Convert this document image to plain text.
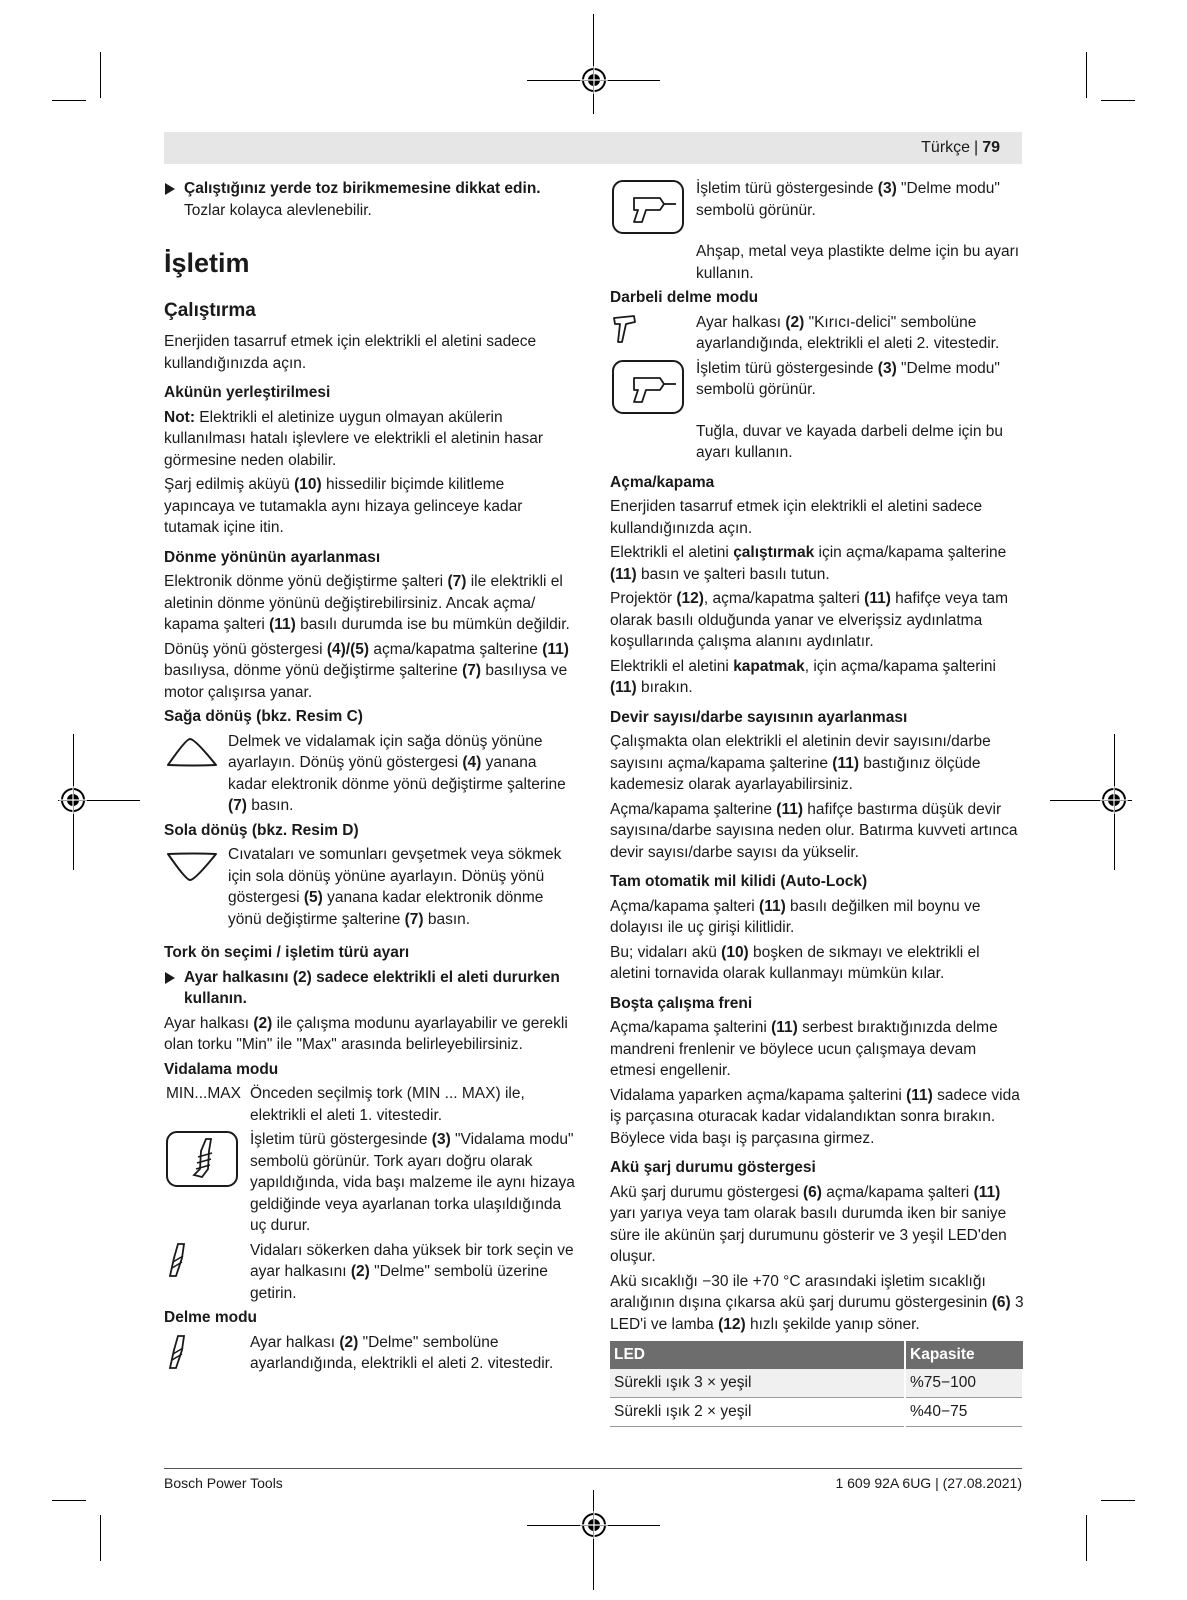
Türkçe | 79
Çalıştığınız yerde toz birikmemesine dikkat edin.
Tozlar kolayca alevlenebilir.
İşletim
Çalıştırma

Enerjiden tasarruf etmek için elektrikli el aletini sadece kullandığınızda açın.

Akünün yerleştirilmesi

Not: Elektrikli el aletinize uygun olmayan akülerin kullanılması hatalı işlevlere ve elektrikli el aletinin hasar görmesine neden olabilir.

Şarj edilmiş aküyü (10) hissedilir biçimde kilitleme yapıncaya ve tutamakla aynı hizaya gelinceye kadar tutamak içine itin.

Dönme yönünün ayarlanması

Elektronik dönme yönü değiştirme şalteri (7) ile elektrikli el aletinin dönme yönünü değiştirebilirsiniz. Ancak açma/ kapama şalteri (11) basılı durumda ise bu mümkün değildir.

Dönüş yönü göstergesi (4)/(5) açma/kapatma şalterine (11) basılıysa, dönme yönü değiştirme şalterine (7) basılıysa ve motor çalışırsa yanar.

Sağa dönüş (bkz. Resim C)
Delmek ve vidalamak için sağa dönüş yönüne ayarlayın. Dönüş yönü göstergesi (4) yanana kadar elektronik dönme yönü değiştirme şalterine (7) basın.
Sola dönüş (bkz. Resim D)
Cıvataları ve somunları gevşetmek veya sökmek için sola dönüş yönüne ayarlayın. Dönüş yönü göstergesi (5) yanana kadar elektronik dönme yönü değiştirme şalterine (7) basın.
Tork ön seçimi / işletim türü ayarı
Ayar halkasını (2) sadece elektrikli el aleti dururken kullanın.

Ayar halkası (2) ile çalışma modunu ayarlayabilir ve gerekli olan torku "Min" ile "Max" arasında belirleyebilirsiniz.

Vidalama modu
MIN...MAX Önceden seçilmiş tork (MIN ... MAX) ile, elektrikli el aleti 1. vitestedir.
İşletim türü göstergesinde (3) "Vidalama modu" sembolü görünür. Tork ayarı doğru olarak yapıldığında, vida başı malzeme ile aynı hizaya geldiğinde veya ayarlanan torka ulaşıldığında uç durur.
Vidaları sökerken daha yüksek bir tork seçin ve ayar halkasını (2) "Delme" sembolü üzerine getirin.
Delme modu
Ayar halkası (2) "Delme" sembolüne ayarlandığında, elektrikli el aleti 2. vitestedir.
İşletim türü göstergesinde (3) "Delme modu" sembolü görünür.
Ahşap, metal veya plastikte delme için bu ayarı kullanın.
Darbeli delme modu
Ayar halkası (2) "Kırıcı-delici" sembolüne ayarlandığında, elektrikli el aleti 2. vitestedir.
İşletim türü göstergesinde (3) "Delme modu" sembolü görünür.
Tuğla, duvar ve kayada darbeli delme için bu ayarı kullanın.
Açma/kapama

Enerjiden tasarruf etmek için elektrikli el aletini sadece kullandığınızda açın.

Elektrikli el aletini çalıştırmak için açma/kapama şalterine (11) basın ve şalteri basılı tutun.

Projektör (12), açma/kapatma şalteri (11) hafifçe veya tam olarak basılı olduğunda yanar ve elverişsiz aydınlatma koşullarında çalışma alanını aydınlatır.

Elektrikli el aletini kapatmak, için açma/kapama şalterini (11) bırakın.

Devir sayısı/darbe sayısının ayarlanması

Çalışmakta olan elektrikli el aletinin devir sayısını/darbe sayısını açma/kapama şalterine (11) bastığınız ölçüde kademesiz olarak ayarlayabilirsiniz.

Açma/kapama şalterine (11) hafifçe bastırma düşük devir sayısına/darbe sayısına neden olur. Batırma kuvveti artınca devir sayısı/darbe sayısı da yükselir.

Tam otomatik mil kilidi (Auto-Lock)

Açma/kapama şalteri (11) basılı değilken mil boynu ve dolayısı ile uç girişi kilitlidir.

Bu; vidaları akü (10) boşken de sıkmayı ve elektrikli el aletini tornavida olarak kullanmayı mümkün kılar.

Boşta çalışma freni

Açma/kapama şalterini (11) serbest bıraktığınızda delme mandreni frenlenir ve böylece ucun çalışmaya devam etmesi engellenir.

Vidalama yaparken açma/kapama şalterini (11) sadece vida iş parçasına oturacak kadar vidalandıktan sonra bırakın. Böylece vida başı iş parçasına girmez.

Akü şarj durumu göstergesi

Akü şarj durumu göstergesi (6) açma/kapama şalteri (11) yarı yarıya veya tam olarak basılı durumda iken bir saniye süre ile akünün şarj durumunu gösterir ve 3 yeşil LED'den oluşur.

Akü sıcaklığı −30 ile +70 °C arasındaki işletim sıcaklığı aralığının dışına çıkarsa akü şarj durumu göstergesinin (6) 3 LED'i ve lamba (12) hızlı şekilde yanıp söner.

LED	Kapasite
Sürekli ışık 3 × yeşil	%75−100
Sürekli ışık 2 × yeşil	%40−75
Bosch Power Tools	1 609 92A 6UG | (27.08.2021)
